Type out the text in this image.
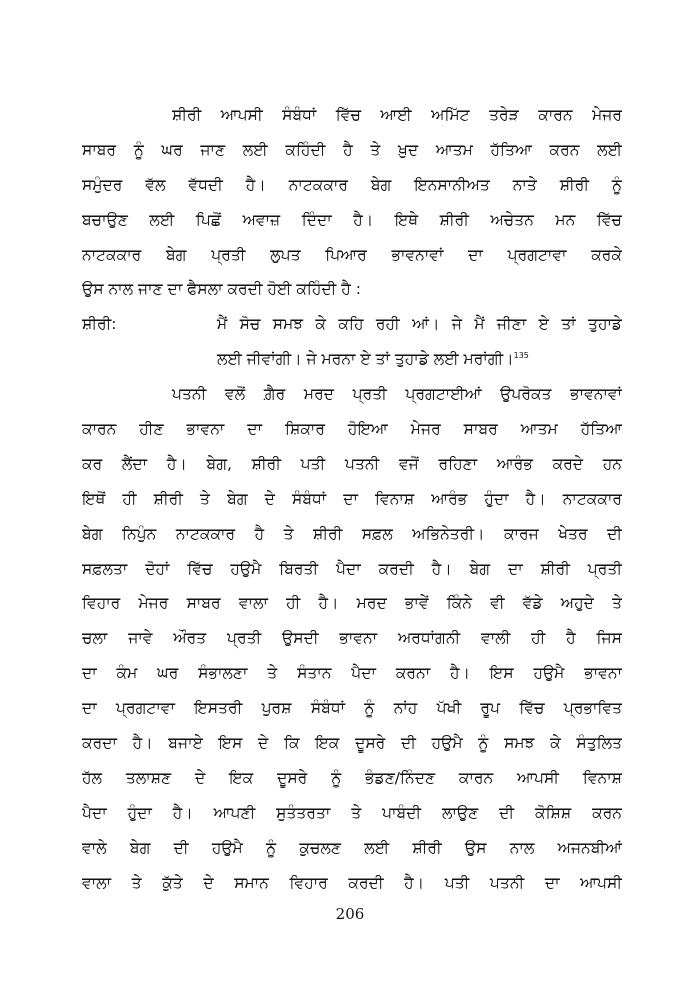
ਸ਼ੀਰੀ ਆਪਸੀ ਸੰਬੰਧਾਂ ਵਿੱਚ ਆਈ ਅਮਿੱਟ ਤਰੇੜ ਕਾਰਨ ਮੇਜਰ
ਸਾਬਰ ਨੂੰ ਘਰ ਜਾਣ ਲਈ ਕਹਿੰਦੀ ਹੈ ਤੇ ਖ਼ੁਦ ਆਤਮ ਹੱਤਿਆ ਕਰਨ ਲਈ
ਸਮੁੰਦਰ ਵੱਲ ਵੱਧਦੀ ਹੈ। ਨਾਟਕਕਾਰ ਬੇਗ ਇਨਸਾਨੀਅਤ ਨਾਤੇ ਸ਼ੀਰੀ ਨੂੰ
ਬਚਾਉਣ ਲਈ ਪਿਛੋਂ ਅਵਾਜ਼ ਦਿੰਦਾ ਹੈ। ਇਥੇ ਸ਼ੀਰੀ ਅਚੇਤਨ ਮਨ ਵਿੱਚ
ਨਾਟਕਕਾਰ ਬੇਗ ਪ੍ਰਤੀ ਲੁਪਤ ਪਿਆਰ ਭਾਵਨਾਵਾਂ ਦਾ ਪ੍ਰਗਟਾਵਾ ਕਰਕੇ
ਉਸ ਨਾਲ ਜਾਣ ਦਾ ਫੈਸਲਾ ਕਰਦੀ ਹੋਈ ਕਹਿੰਦੀ ਹੈ :
ਸ਼ੀਰੀ:	ਮੈਂ ਸੋਚ ਸਮਝ ਕੇ ਕਹਿ ਰਹੀ ਆਂ। ਜੇ ਮੈਂ ਜੀਣਾ ਏ ਤਾਂ ਤੁਹਾਡੇ
ਲਈ ਜੀਵਾਂਗੀ। ਜੇ ਮਰਨਾ ਏ ਤਾਂ ਤੁਹਾਡੇ ਲਈ ਮਰਾਂਗੀ।$^{135}$
ਪਤਨੀ ਵਲੋਂ ਗ਼ੈਰ ਮਰਦ ਪ੍ਰਤੀ ਪ੍ਰਗਟਾਈਆਂ ਉਪਰੋਕਤ ਭਾਵਨਾਵਾਂ
ਕਾਰਨ ਹੀਣ ਭਾਵਨਾ ਦਾ ਸ਼ਿਕਾਰ ਹੋਇਆ ਮੇਜਰ ਸਾਬਰ ਆਤਮ ਹੱਤਿਆ
ਕਰ ਲੈਂਦਾ ਹੈ। ਬੇਗ, ਸ਼ੀਰੀ ਪਤੀ ਪਤਨੀ ਵਜੋਂ ਰਹਿਣਾ ਆਰੰਭ ਕਰਦੇ ਹਨ
ਇਥੋਂ ਹੀ ਸ਼ੀਰੀ ਤੇ ਬੇਗ ਦੇ ਸੰਬੰਧਾਂ ਦਾ ਵਿਨਾਸ਼ ਆਰੰਭ ਹੁੰਦਾ ਹੈ। ਨਾਟਕਕਾਰ
ਬੇਗ ਨਿਪੁੰਨ ਨਾਟਕਕਾਰ ਹੈ ਤੇ ਸ਼ੀਰੀ ਸਫ਼ਲ ਅਭਿਨੇਤਰੀ। ਕਾਰਜ ਖੇਤਰ ਦੀ
ਸਫ਼ਲਤਾ ਦੋਹਾਂ ਵਿੱਚ ਹਉਮੈ ਬਿਰਤੀ ਪੈਦਾ ਕਰਦੀ ਹੈ। ਬੇਗ ਦਾ ਸ਼ੀਰੀ ਪ੍ਰਤੀ
ਵਿਹਾਰ ਮੇਜਰ ਸਾਬਰ ਵਾਲਾ ਹੀ ਹੈ। ਮਰਦ ਭਾਵੇਂ ਕਿੰਨੇ ਵੀ ਵੱਡੇ ਅਹੁਦੇ ਤੇ
ਚਲਾ ਜਾਵੇ ਔਰਤ ਪ੍ਰਤੀ ਉਸਦੀ ਭਾਵਨਾ ਅਰਧਾਂਗਨੀ ਵਾਲੀ ਹੀ ਹੈ ਜਿਸ
ਦਾ ਕੰਮ ਘਰ ਸੰਭਾਲਣਾ ਤੇ ਸੰਤਾਨ ਪੈਦਾ ਕਰਨਾ ਹੈ। ਇਸ ਹਉਮੈ ਭਾਵਨਾ
ਦਾ ਪ੍ਰਗਟਾਵਾ ਇਸਤਰੀ ਪੁਰਸ਼ ਸੰਬੰਧਾਂ ਨੂੰ ਨਾਂਹ ਪੱਖੀ ਰੂਪ ਵਿੱਚ ਪ੍ਰਭਾਵਿਤ
ਕਰਦਾ ਹੈ। ਬਜਾਏ ਇਸ ਦੇ ਕਿ ਇਕ ਦੂਸਰੇ ਦੀ ਹਉਮੈ ਨੂੰ ਸਮਝ ਕੇ ਸੰਤੁਲਿਤ
ਹੱਲ ਤਲਾਸ਼ਣ ਦੇ ਇਕ ਦੂਸਰੇ ਨੂੰ ਭੰਡਣ/ਨਿੰਦਣ ਕਾਰਨ ਆਪਸੀ ਵਿਨਾਸ਼
ਪੈਦਾ ਹੁੰਦਾ ਹੈ। ਆਪਣੀ ਸੁਤੰਤਰਤਾ ਤੇ ਪਾਬੰਦੀ ਲਾਉਣ ਦੀ ਕੋਸ਼ਿਸ਼ ਕਰਨ
ਵਾਲੇ ਬੇਗ ਦੀ ਹਉਮੈ ਨੂੰ ਕੁਚਲਣ ਲਈ ਸ਼ੀਰੀ ਉਸ ਨਾਲ ਅਜਨਬੀਆਂ
ਵਾਲਾ ਤੇ ਕੁੱਤੇ ਦੇ ਸਮਾਨ ਵਿਹਾਰ ਕਰਦੀ ਹੈ। ਪਤੀ ਪਤਨੀ ਦਾ ਆਪਸੀ
206
